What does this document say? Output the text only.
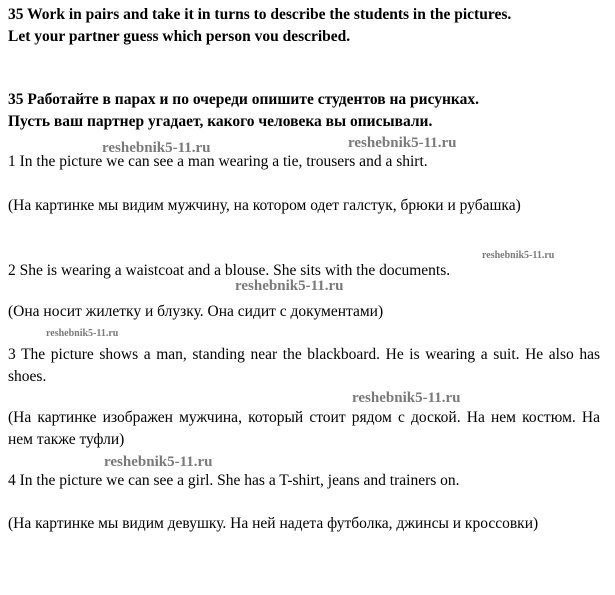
35 Work in pairs and take it in turns to describe the students in the pictures.

Let your partner guess which person vou described.

35 Работайте в парах и по очереди опишите студентов на рисунках.

Пусть ваш партнер угадает, какого человека вы описывали.

1 In the picture we can see a man wearing a tie, trousers and a shirt.
(На картинке мы видим мужчину, на котором одет галстук, брюки и рубашка)
2 She is wearing a waistcoat and a blouse. She sits with the documents.
(Она носит жилетку и блузку. Она сидит с документами)
3 The picture shows a man, standing near the blackboard. He is wearing a suit. He also has shoes.
(На картинке изображен мужчина, который стоит рядом с доской. На нем костюм. На нем также туфли)
4 In the picture we can see a girl. She has a T-shirt, jeans and trainers on.
(На картинке мы видим девушку. На ней надета футболка, джинсы и кроссовки)
reshebnik5-11.ru	reshebnik5-11.ru
reshebnik5-11.ru
reshebnik5-11.ru
reshebnik5-11.ru
reshebnik5-11.ru
reshebnik5-11.ru
